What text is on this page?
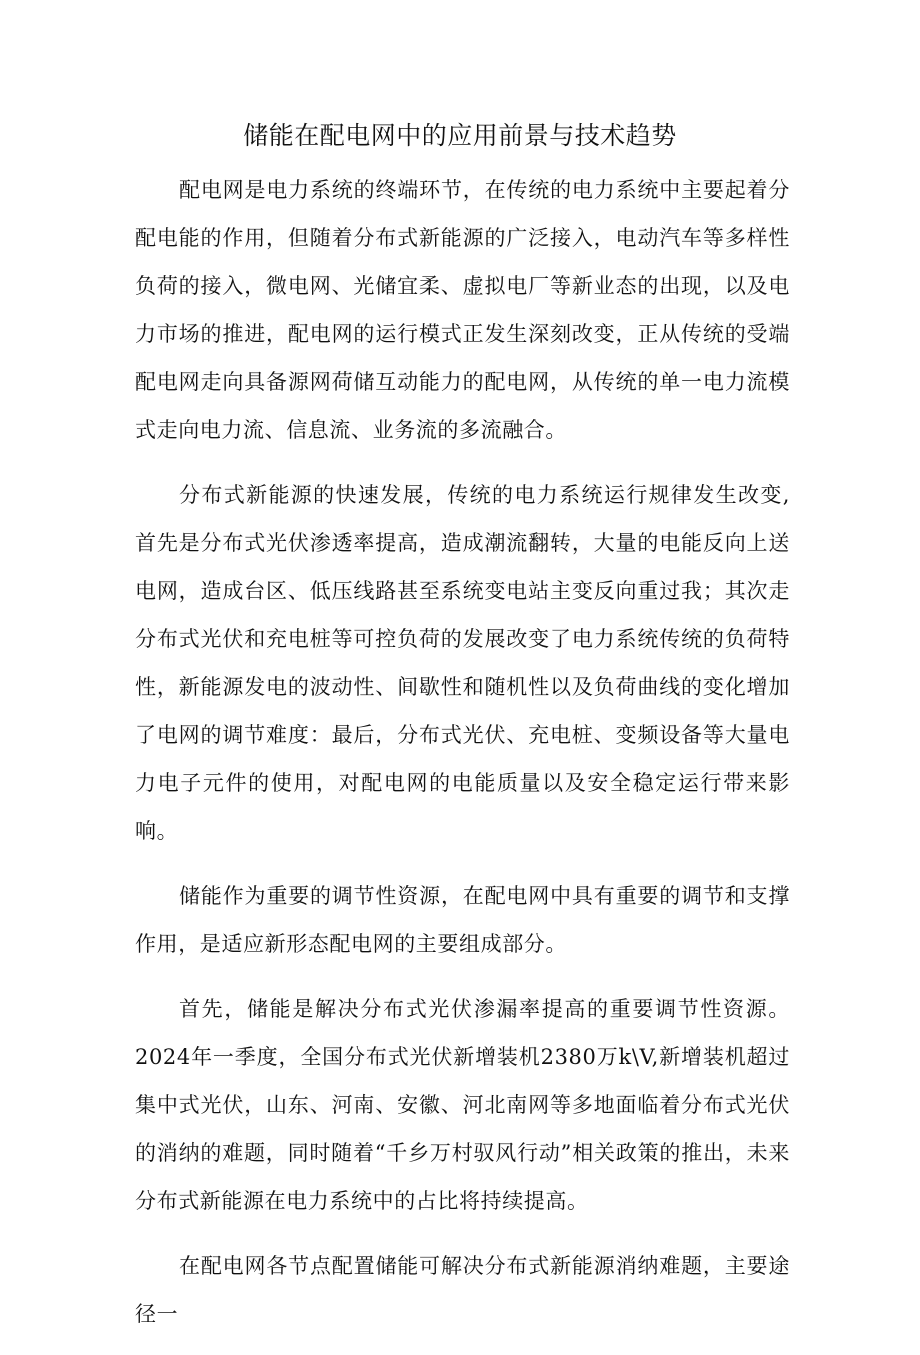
储能在配电网中的应用前景与技术趋势

配电网是电力系统的终端环节，在传统的电力系统中主要起着分配电能的作用，但随着分布式新能源的广泛接入，电动汽车等多样性负荷的接入，微电网、光储宜柔、虚拟电厂等新业态的出现，以及电力市场的推进，配电网的运行模式正发生深刻改变，正从传统的受端配电网走向具备源网荷储互动能力的配电网，从传统的单一电力流模式走向电力流、信息流、业务流的多流融合。

分布式新能源的快速发展，传统的电力系统运行规律发生改变,首先是分布式光伏渗透率提高，造成潮流翻转，大量的电能反向上送电网，造成台区、低压线路甚至系统变电站主变反向重过我；其次走分布式光伏和充电桩等可控负荷的发展改变了电力系统传统的负荷特性，新能源发电的波动性、间歇性和随机性以及负荷曲线的变化增加了电网的调节难度：最后，分布式光伏、充电桩、变频设备等大量电力电子元件的使用，对配电网的电能质量以及安全稳定运行带来影响。

储能作为重要的调节性资源，在配电网中具有重要的调节和支撑作用，是适应新形态配电网的主要组成部分。

首先，储能是解决分布式光伏渗漏率提高的重要调节性资源。2024年一季度，全国分布式光伏新增装机2380万k\V,新增装机超过集中式光伏，山东、河南、安徽、河北南网等多地面临着分布式光伏的消纳的难题，同时随着“千乡万村驭风行动”相关政策的推出，未来分布式新能源在电力系统中的占比将持续提高。

在配电网各节点配置储能可解决分布式新能源消纳难题，主要途径一
